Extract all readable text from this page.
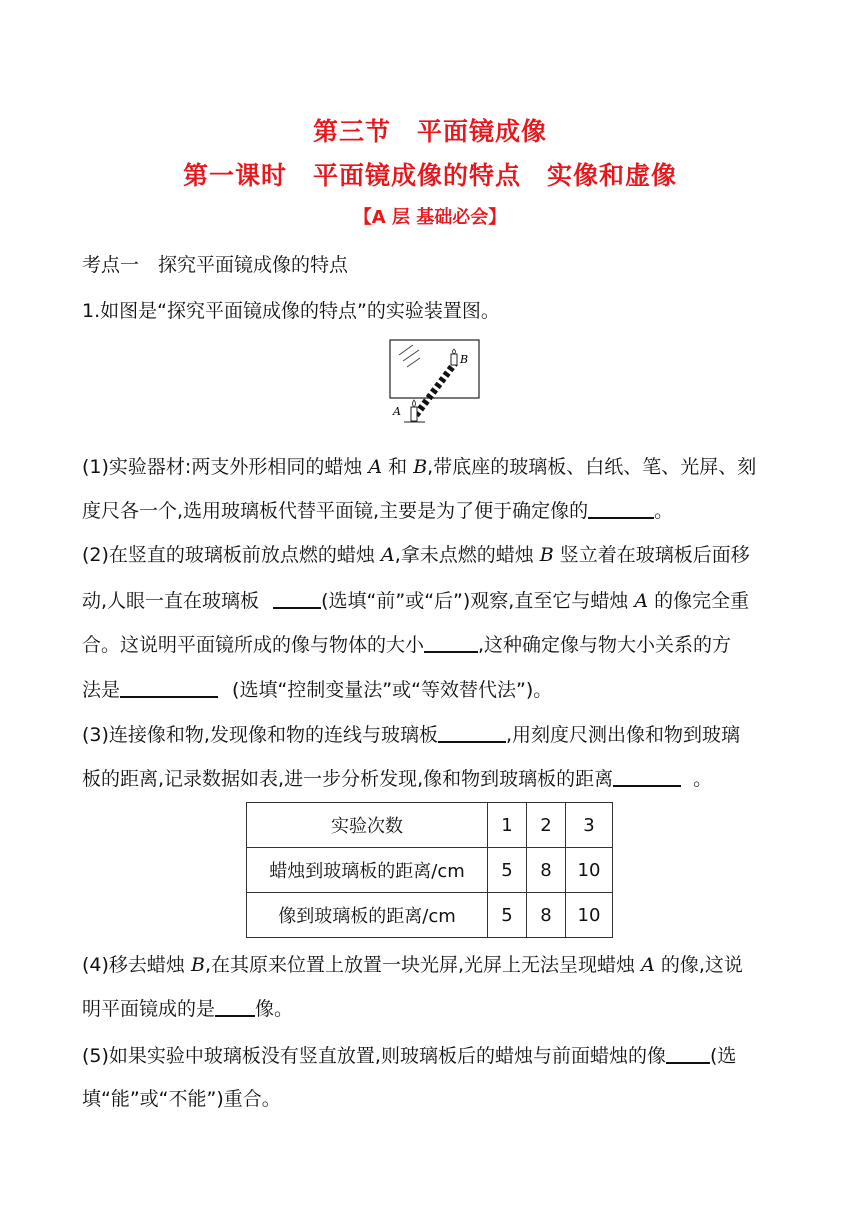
第三节　平面镜成像
第一课时　平面镜成像的特点　实像和虚像
【A 层 基础必会】
考点一　探究平面镜成像的特点
1.如图是“探究平面镜成像的特点”的实验装置图。
B
A
(1)实验器材:两支外形相同的蜡烛 A 和 B,带底座的玻璃板、白纸、笔、光屏、刻
度尺各一个,选用玻璃板代替平面镜,主要是为了便于确定像的	。
(2)在竖直的玻璃板前放点燃的蜡烛 A,拿未点燃的蜡烛 B 竖立着在玻璃板后面移
动,人眼一直在玻璃板	(选填“前”或“后”)观察,直至它与蜡烛 A 的像完全重
合。这说明平面镜所成的像与物体的大小	,这种确定像与物大小关系的方
法是	(选填“控制变量法”或“等效替代法”)。
(3)连接像和物,发现像和物的连线与玻璃板	,用刻度尺测出像和物到玻璃
板的距离,记录数据如表,进一步分析发现,像和物到玻璃板的距离	。
实验次数	1	2	3
蜡烛到玻璃板的距离/cm	5	8	10
像到玻璃板的距离/cm	5	8	10
(4)移去蜡烛 B,在其原来位置上放置一块光屏,光屏上无法呈现蜡烛 A 的像,这说
明平面镜成的是 像。
(5)如果实验中玻璃板没有竖直放置,则玻璃板后的蜡烛与前面蜡烛的像 (选
填“能”或“不能”)重合。
